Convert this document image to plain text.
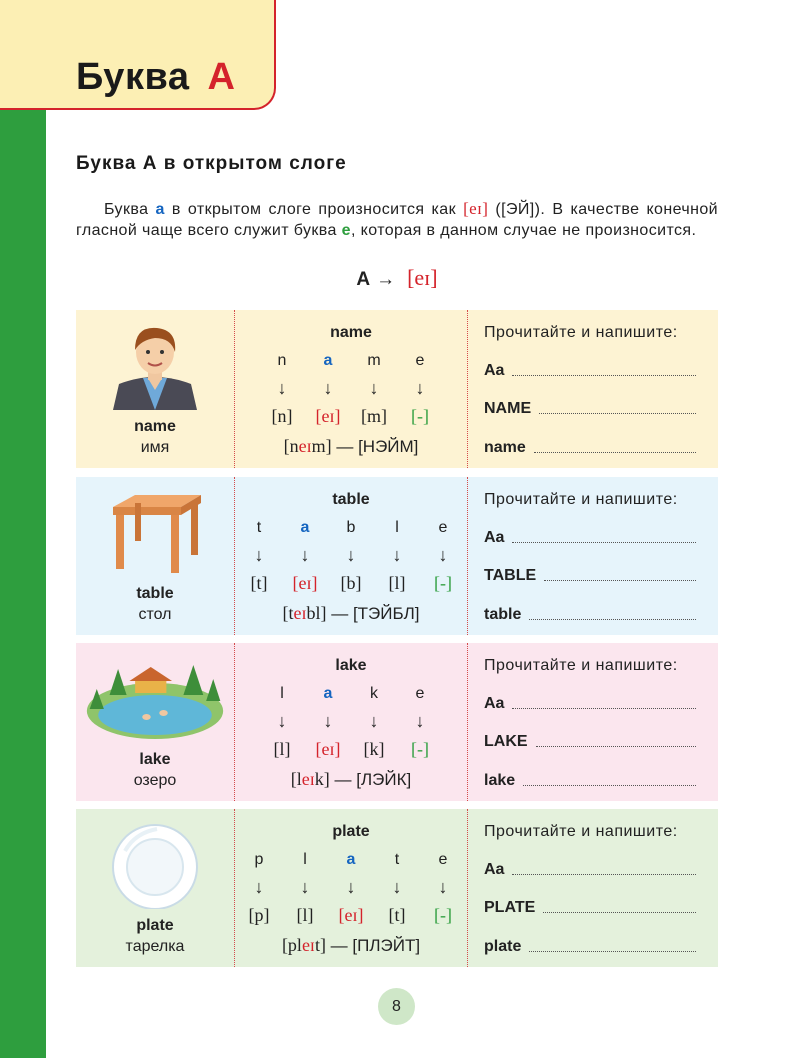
Буква A
Буква А в открытом слоге
Буква a в открытом слоге произносится как [eɪ] ([ЭЙ]). В качестве конечной гласной чаще всего служит буква e, которая в данном случае не произносится.
А → [eɪ]
name
имя
name
n	a	m	e
↓	↓	↓	↓
[n]	[eɪ]	[m]	[-]
[neɪm] — [НЭЙМ]
Прочитайте и напишите:
Aa
NAME
name
table
стол
table
t	a	b	l	e
↓	↓	↓	↓	↓
[t]	[eɪ]	[b]	[l]	[-]
[teɪbl] — [ТЭЙБЛ]
Прочитайте и напишите:
Aa
TABLE
table
lake
озеро
lake
l	a	k	e
↓	↓	↓	↓
[l]	[eɪ]	[k]	[-]
[leɪk] — [ЛЭЙК]
Прочитайте и напишите:
Aa
LAKE
lake
plate
тарелка
plate
p	l	a	t	e
↓	↓	↓	↓	↓
[p]	[l]	[eɪ]	[t]	[-]
[pleɪt] — [ПЛЭЙТ]
Прочитайте и напишите:
Aa
PLATE
plate
8
